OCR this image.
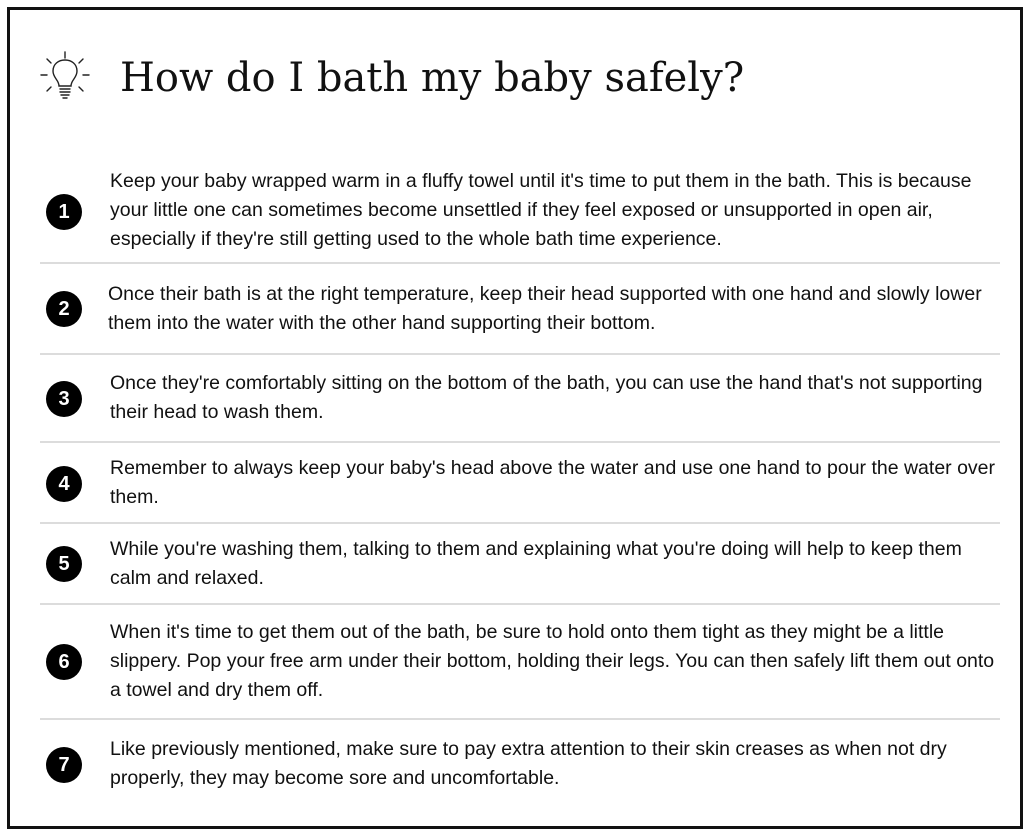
How do I bath my baby safely?
1
Keep your baby wrapped warm in a fluffy towel until it's time to put them in the bath. This is because your little one can sometimes become unsettled if they feel exposed or unsupported in open air, especially if they're still getting used to the whole bath time experience.
2
Once their bath is at the right temperature, keep their head supported with one hand and slowly lower them into the water with the other hand supporting their bottom.
3
Once they're comfortably sitting on the bottom of the bath, you can use the hand that's not supporting their head to wash them.
4
Remember to always keep your baby's head above the water and use one hand to pour the water over them.
5
While you're washing them, talking to them and explaining what you're doing will help to keep them calm and relaxed.
6
When it's time to get them out of the bath, be sure to hold onto them tight as they might be a little slippery. Pop your free arm under their bottom, holding their legs. You can then safely lift them out onto a towel and dry them off.
7
Like previously mentioned, make sure to pay extra attention to their skin creases as when not dry properly, they may become sore and uncomfortable.
